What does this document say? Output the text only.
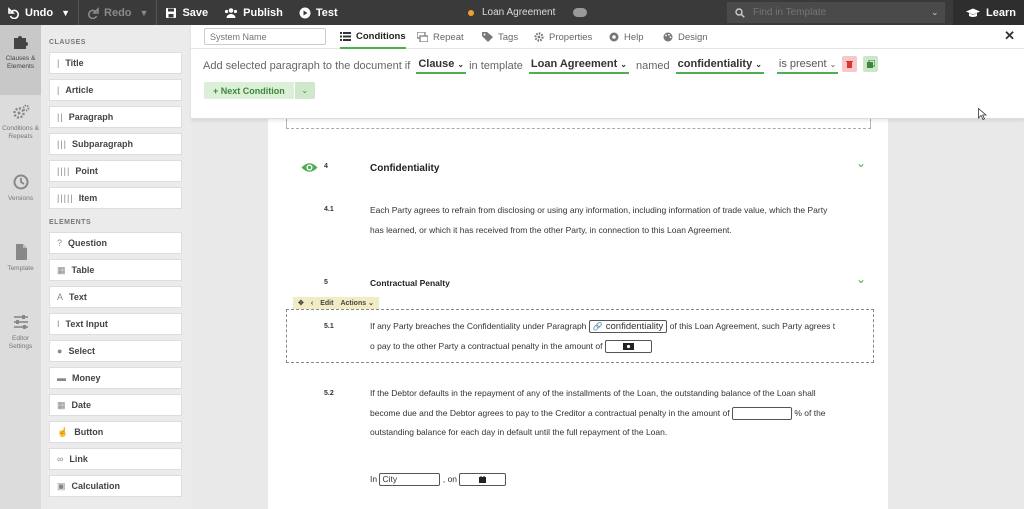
Undo ▼	Redo ▼	Save	Publish	Test	Loan Agreement
Find in Template	⌄	Learn
Clauses & Elements
Conditions & Repeats
Versions
Template
Editor Settings
CLAUSES
| Title
| Article
|| Paragraph
||| Subparagraph
|||| Point
||||| Item
ELEMENTS
? Question
▦ Table
A Text
I Text Input
● Select
▬ Money
▦ Date
☝ Button
∞ Link
▣ Calculation
System Name
Conditions	Repeat	Tags	Properties	Help	Design	✕
Add selected paragraph to the document if Clause ⌄ in template Loan Agreement ⌄ named confidentiality ⌄ is present ⌄
+ Next Condition	⌄
4	Confidentiality	⌄
4.1	Each Party agrees to refrain from disclosing or using any information, including information of trade value, which the Party
has learned, or which it has received from the other Party, in connection to this Loan Agreement.
5	Contractual Penalty	⌄
✥ ‹ Edit Actions ⌄
5.1	If any Party breaches the Confidentiality under Paragraph 🔗 confidentiality of this Loan Agreement, such Party agrees t
o pay to the other Party a contractual penalty in the amount of
5.2	If the Debtor defaults in the repayment of any of the installments of the Loan, the outstanding balance of the Loan shall
become due and the Debtor agrees to pay to the Creditor a contractual penalty in the amount of	% of the
outstanding balance for each day in default until the full repayment of the Loan.
In City	, on
